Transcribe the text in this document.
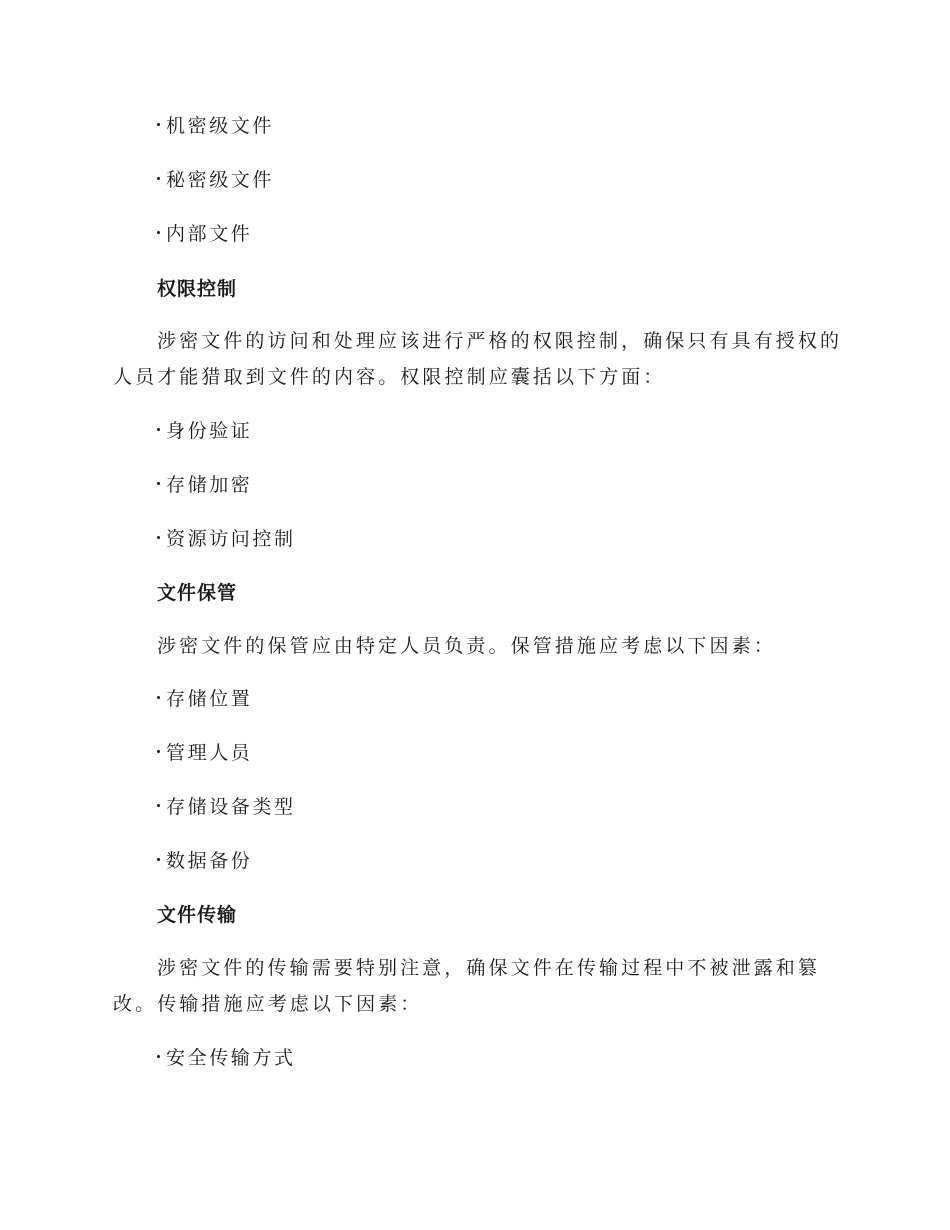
机密级文件
秘密级文件
内部文件
权限控制
涉密文件的访问和处理应该进行严格的权限控制，确保只有具有授权的
人员才能猎取到文件的内容。权限控制应囊括以下方面：
身份验证
存储加密
资源访问控制
文件保管
涉密文件的保管应由特定人员负责。保管措施应考虑以下因素：
存储位置
管理人员
存储设备类型
数据备份
文件传输
涉密文件的传输需要特别注意，确保文件在传输过程中不被泄露和篡
改。传输措施应考虑以下因素：
安全传输方式
